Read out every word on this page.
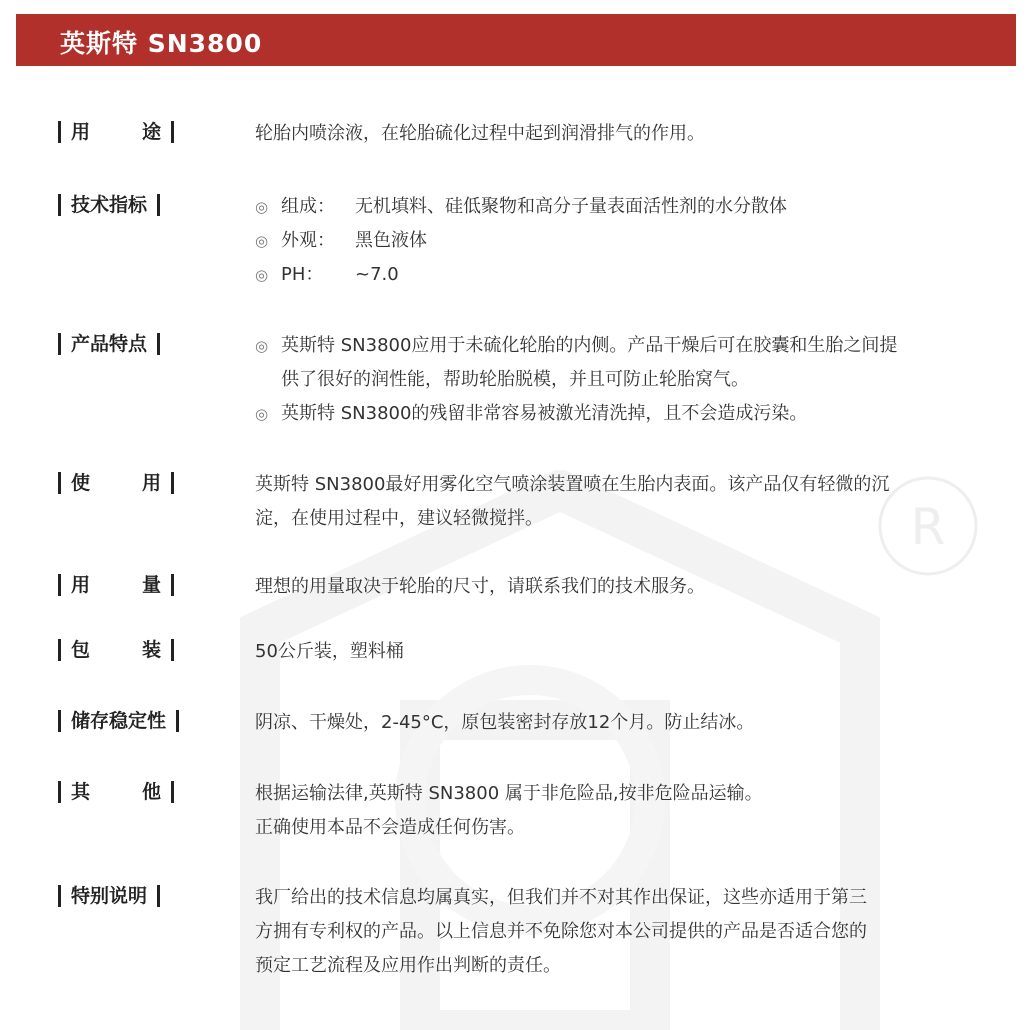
R
英斯特 SN3800
用	途	轮胎内喷涂液，在轮胎硫化过程中起到润滑排气的作用。
技术指标	◎ 组成：	无机填料、硅低聚物和高分子量表面活性剂的水分散体
◎ 外观：	黑色液体
◎ PH：	~7.0
产品特点	◎ 英斯特 SN3800应用于未硫化轮胎的内侧。产品干燥后可在胶囊和生胎之间提
供了很好的润性能，帮助轮胎脱模，并且可防止轮胎窝气。
◎ 英斯特 SN3800的残留非常容易被激光清洗掉，且不会造成污染。
使	用	英斯特 SN3800最好用雾化空气喷涂装置喷在生胎内表面。该产品仅有轻微的沉
淀，在使用过程中，建议轻微搅拌。
用	量	理想的用量取决于轮胎的尺寸，请联系我们的技术服务。
包	装	50公斤装，塑料桶
储存稳定性	阴凉、干燥处，2-45°C，原包装密封存放12个月。防止结冰。
其	他	根据运输法律,英斯特 SN3800 属于非危险品,按非危险品运输。
正确使用本品不会造成任何伤害。
特别说明	我厂给出的技术信息均属真实，但我们并不对其作出保证，这些亦适用于第三
方拥有专利权的产品。以上信息并不免除您对本公司提供的产品是否适合您的
预定工艺流程及应用作出判断的责任。
